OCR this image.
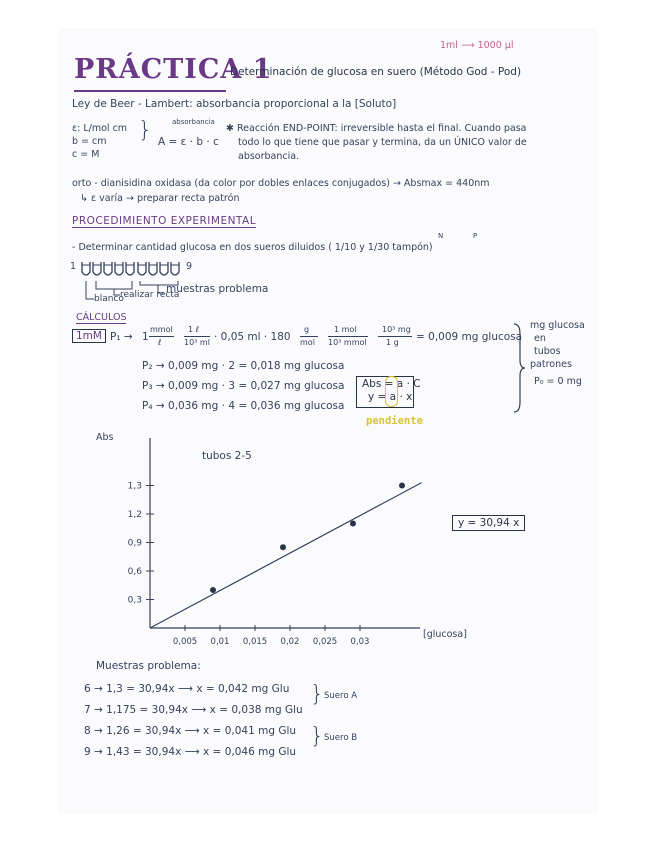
1ml ⟶ 1000 µl
PRÁCTICA 1
Determinación de glucosa en suero (Método God - Pod)
Ley de Beer - Lambert: absorbancia proporcional a la [Soluto]
ε: L/mol cm
b = cm
c = M
}	absorbancia
A = ε · b · c
✱ Reacción END-POINT: irreversible hasta el final. Cuando pasa
todo lo que tiene que pasar y termina, da un ÚNICO valor de
absorbancia.
orto - dianisidina oxidasa (da color por dobles enlaces conjugados) → Absmax = 440nm
↳ ε varía → preparar recta patrón
PROCEDIMIENTO EXPERIMENTAL
- Determinar cantidad glucosa en dos sueros diluidos ( 1/10 y 1/30 tampón)
N	P
1	9
blanco
realizar recta
muestras problema
CÁLCULOS
1mM P₁ → 1
mmol
ℓ
1 ℓ
10³ ml · 0,05 ml · 180
g
mol
1 mol
10³ mmol
10³ mg
1 g = 0,009 mg glucosa
P₂ → 0,009 mg · 2 = 0,018 mg glucosa
P₃ → 0,009 mg · 3 = 0,027 mg glucosa
P₄ → 0,036 mg · 4 = 0,036 mg glucosa
mg glucosa
en
tubos
patrones
P₀ = 0 mg
Abs = a · C
y = a · x
pendiente
Abs
tubos 2-5
[glucosa]
y = 30,94 x
0,3
0,6
0,9
1,2
1,3
0,005 0,01 0,015 0,02 0,025 0,03
Muestras problema:
6 → 1,3 = 30,94x ⟶ x = 0,042 mg Glu
7 → 1,175 = 30,94x ⟶ x = 0,038 mg Glu
8 → 1,26 = 30,94x ⟶ x = 0,041 mg Glu
9 → 1,43 = 30,94x ⟶ x = 0,046 mg Glu
}
}
Suero A
Suero B
